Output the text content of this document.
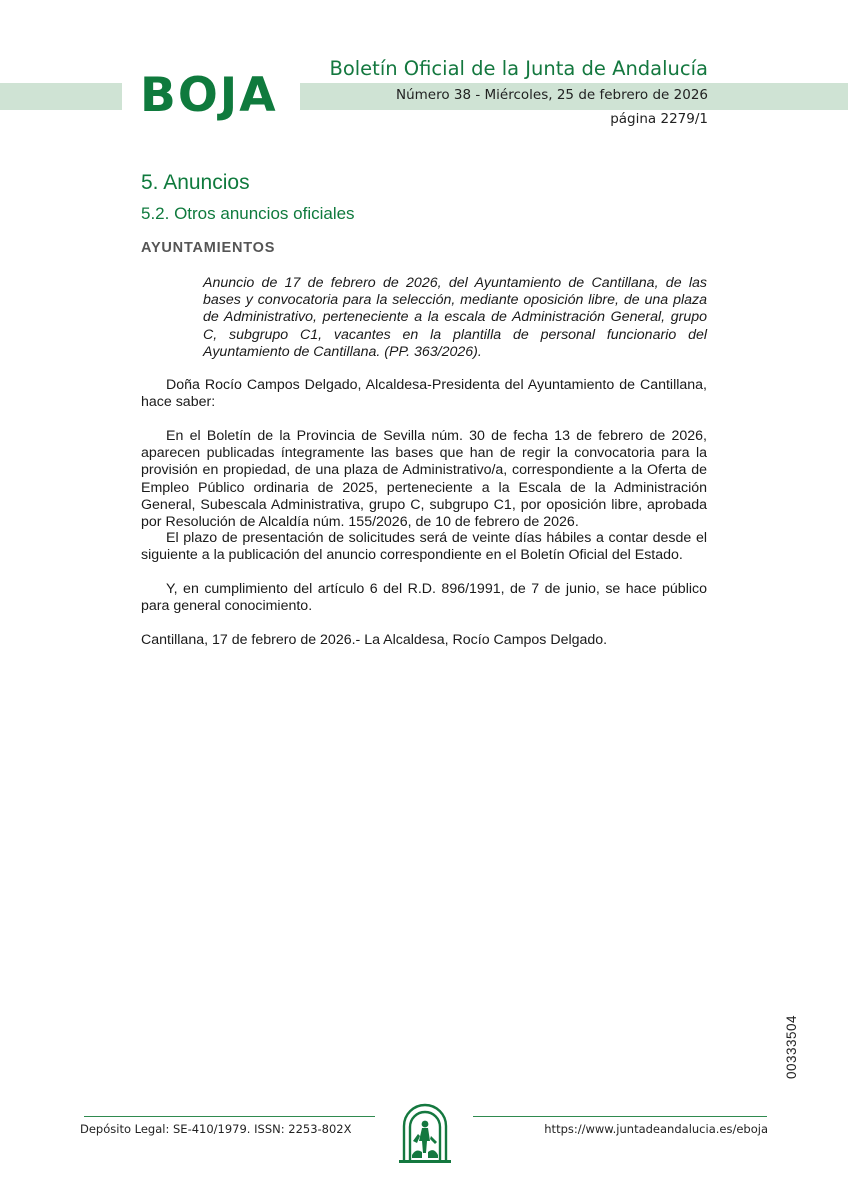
BOJA	Boletín Oficial de la Junta de Andalucía
Número 38 - Miércoles, 25 de febrero de 2026
página 2279/1
5. Anuncios
5.2. Otros anuncios oficiales
AYUNTAMIENTOS
Anuncio de 17 de febrero de 2026, del Ayuntamiento de Cantillana, de las bases y convocatoria para la selección, mediante oposición libre, de una plaza de Administrativo, perteneciente a la escala de Administración General, grupo C, subgrupo C1, vacantes en la plantilla de personal funcionario del Ayuntamiento de Cantillana. (PP. 363/2026).

Doña Rocío Campos Delgado, Alcaldesa-Presidenta del Ayuntamiento de Cantillana, hace saber:

En el Boletín de la Provincia de Sevilla núm. 30 de fecha 13 de febrero de 2026, aparecen publicadas íntegramente las bases que han de regir la convocatoria para la provisión en propiedad, de una plaza de Administrativo/a, correspondiente a la Oferta de Empleo Público ordinaria de 2025, perteneciente a la Escala de la Administración General, Subescala Administrativa, grupo C, subgrupo C1, por oposición libre, aprobada por Resolución de Alcaldía núm. 155/2026, de 10 de febrero de 2026.

El plazo de presentación de solicitudes será de veinte días hábiles a contar desde el siguiente a la publicación del anuncio correspondiente en el Boletín Oficial del Estado.

Y, en cumplimiento del artículo 6 del R.D. 896/1991, de 7 de junio, se hace público para general conocimiento.

Cantillana, 17 de febrero de 2026.- La Alcaldesa, Rocío Campos Delgado.

00333504
Depósito Legal: SE-410/1979. ISSN: 2253-802X	https://www.juntadeandalucia.es/eboja
